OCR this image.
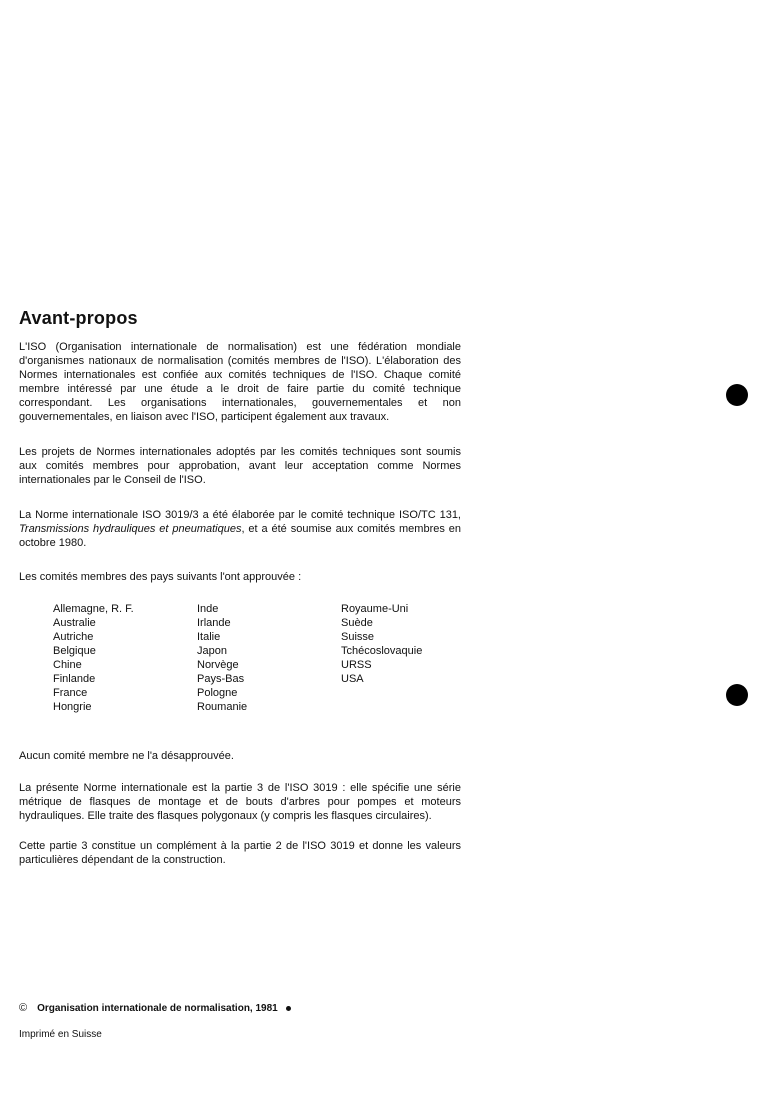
Avant-propos

L'ISO (Organisation internationale de normalisation) est une fédération mondiale d'organismes nationaux de normalisation (comités membres de l'ISO). L'élaboration des Normes internationales est confiée aux comités techniques de l'ISO. Chaque comité membre intéressé par une étude a le droit de faire partie du comité technique correspondant. Les organisations internationales, gouvernementales et non gouvernementales, en liaison avec l'ISO, participent également aux travaux.

Les projets de Normes internationales adoptés par les comités techniques sont soumis aux comités membres pour approbation, avant leur acceptation comme Normes internationales par le Conseil de l'ISO.

La Norme internationale ISO 3019/3 a été élaborée par le comité technique ISO/TC 131, Transmissions hydrauliques et pneumatiques, et a été soumise aux comités membres en octobre 1980.

Les comités membres des pays suivants l'ont approuvée :

Allemagne, R. F.
Australie
Autriche
Belgique
Chine
Finlande
France
Hongrie
Inde
Irlande
Italie
Japon
Norvège
Pays-Bas
Pologne
Roumanie
Royaume-Uni
Suède
Suisse
Tchécoslovaquie
URSS
USA

Aucun comité membre ne l'a désapprouvée.

La présente Norme internationale est la partie 3 de l'ISO 3019 : elle spécifie une série métrique de flasques de montage et de bouts d'arbres pour pompes et moteurs hydrauliques. Elle traite des flasques polygonaux (y compris les flasques circulaires).

Cette partie 3 constitue un complément à la partie 2 de l'ISO 3019 et donne les valeurs particulières dépendant de la construction.

© Organisation internationale de normalisation, 1981
Imprimé en Suisse
